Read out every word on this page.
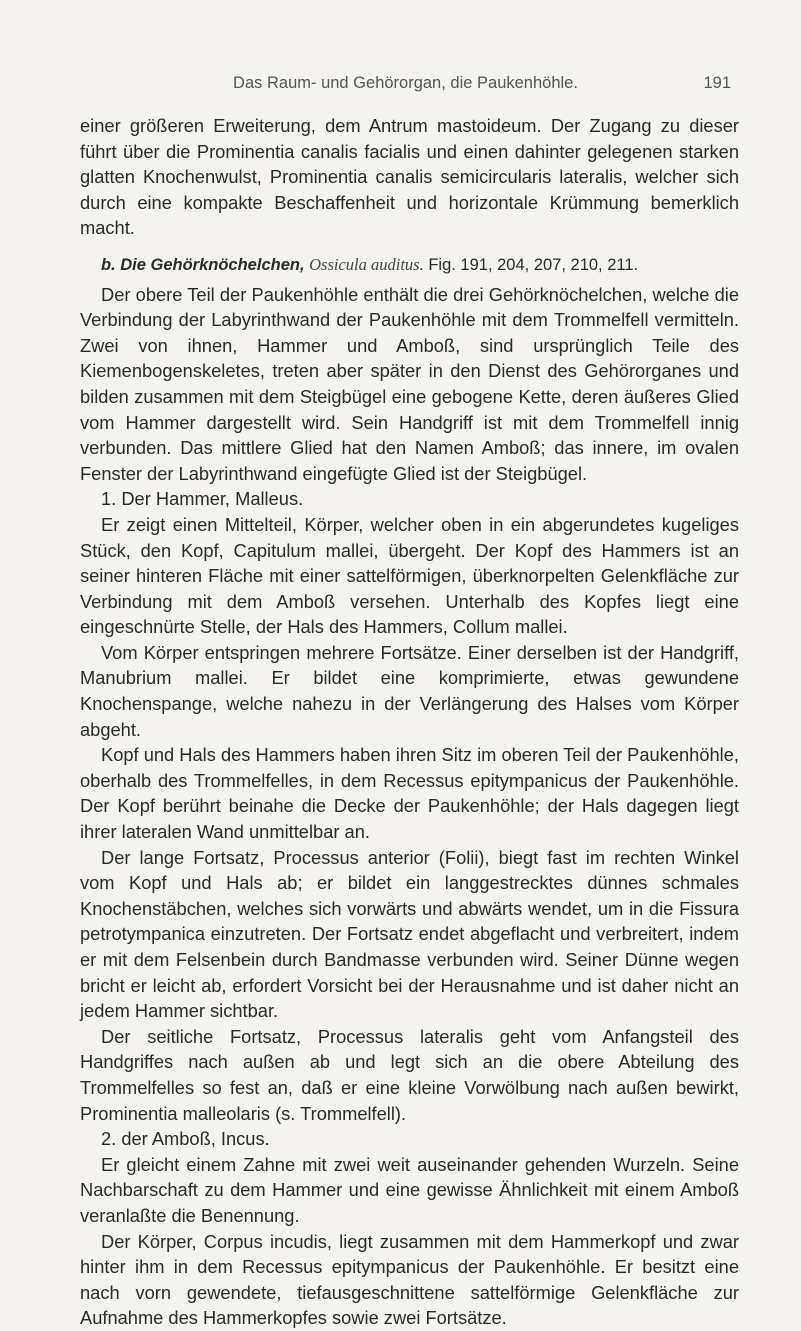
Das Raum- und Gehörorgan, die Paukenhöhle.	191

einer größeren Erweiterung, dem Antrum mastoideum. Der Zugang zu dieser führt über die Prominentia canalis facialis und einen dahinter gelegenen starken glatten Knochenwulst, Prominentia canalis semicircularis lateralis, welcher sich durch eine kompakte Beschaffenheit und horizontale Krümmung bemerklich macht.

b. Die Gehörknöchelchen, Ossicula auditus. Fig. 191, 204, 207, 210, 211.

Der obere Teil der Paukenhöhle enthält die drei Gehörknöchelchen, welche die Verbindung der Labyrinthwand der Paukenhöhle mit dem Trommelfell vermitteln. Zwei von ihnen, Hammer und Amboß, sind ursprünglich Teile des Kiemenbogenskeletes, treten aber später in den Dienst des Gehörorganes und bilden zusammen mit dem Steigbügel eine gebogene Kette, deren äußeres Glied vom Hammer dargestellt wird. Sein Handgriff ist mit dem Trommelfell innig verbunden. Das mittlere Glied hat den Namen Amboß; das innere, im ovalen Fenster der Labyrinthwand eingefügte Glied ist der Steigbügel.

1. Der Hammer, Malleus.

Er zeigt einen Mittelteil, Körper, welcher oben in ein abgerundetes kugeliges Stück, den Kopf, Capitulum mallei, übergeht. Der Kopf des Hammers ist an seiner hinteren Fläche mit einer sattelförmigen, überknorpelten Gelenkfläche zur Verbindung mit dem Amboß versehen. Unterhalb des Kopfes liegt eine eingeschnürte Stelle, der Hals des Hammers, Collum mallei.

Vom Körper entspringen mehrere Fortsätze. Einer derselben ist der Handgriff, Manubrium mallei. Er bildet eine komprimierte, etwas gewundene Knochenspange, welche nahezu in der Verlängerung des Halses vom Körper abgeht.

Kopf und Hals des Hammers haben ihren Sitz im oberen Teil der Paukenhöhle, oberhalb des Trommelfelles, in dem Recessus epitympanicus der Paukenhöhle. Der Kopf berührt beinahe die Decke der Paukenhöhle; der Hals dagegen liegt ihrer lateralen Wand unmittelbar an.

Der lange Fortsatz, Processus anterior (Folii), biegt fast im rechten Winkel vom Kopf und Hals ab; er bildet ein langgestrecktes dünnes schmales Knochenstäbchen, welches sich vorwärts und abwärts wendet, um in die Fissura petrotympanica einzutreten. Der Fortsatz endet abgeflacht und verbreitert, indem er mit dem Felsenbein durch Bandmasse verbunden wird. Seiner Dünne wegen bricht er leicht ab, erfordert Vorsicht bei der Herausnahme und ist daher nicht an jedem Hammer sichtbar.

Der seitliche Fortsatz, Processus lateralis geht vom Anfangsteil des Handgriffes nach außen ab und legt sich an die obere Abteilung des Trommelfelles so fest an, daß er eine kleine Vorwölbung nach außen bewirkt, Prominentia malleolaris (s. Trommelfell).

2. der Amboß, Incus.

Er gleicht einem Zahne mit zwei weit auseinander gehenden Wurzeln. Seine Nachbarschaft zu dem Hammer und eine gewisse Ähnlichkeit mit einem Amboß veranlaßte die Benennung.

Der Körper, Corpus incudis, liegt zusammen mit dem Hammerkopf und zwar hinter ihm in dem Recessus epitympanicus der Paukenhöhle. Er besitzt eine nach vorn gewendete, tiefausgeschnittene sattelförmige Gelenkfläche zur Aufnahme des Hammerkopfes sowie zwei Fortsätze.
